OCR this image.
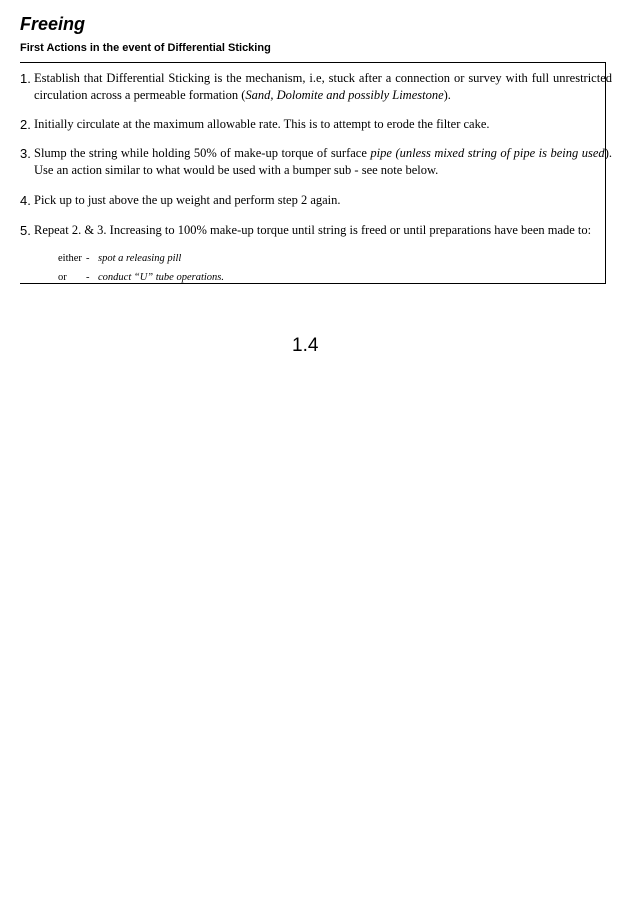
Freeing
First Actions in the event of Differential Sticking
1. Establish that Differential Sticking is the mechanism, i.e, stuck after a connection or survey with full unrestricted circulation across a permeable formation (Sand, Dolomite and possibly Limestone).
2. Initially circulate at the maximum allowable rate. This is to attempt to erode the filter cake.
3. Slump the string while holding 50% of make-up torque of surface pipe (unless mixed string of pipe is being used). Use an action similar to what would be used with a bumper sub - see note below.
4. Pick up to just above the up weight and perform step 2 again.
5. Repeat 2. & 3. Increasing to 100% make-up torque until string is freed or until preparations have been made to:
either - spot a releasing pill
or - conduct “U” tube operations.
1.4
